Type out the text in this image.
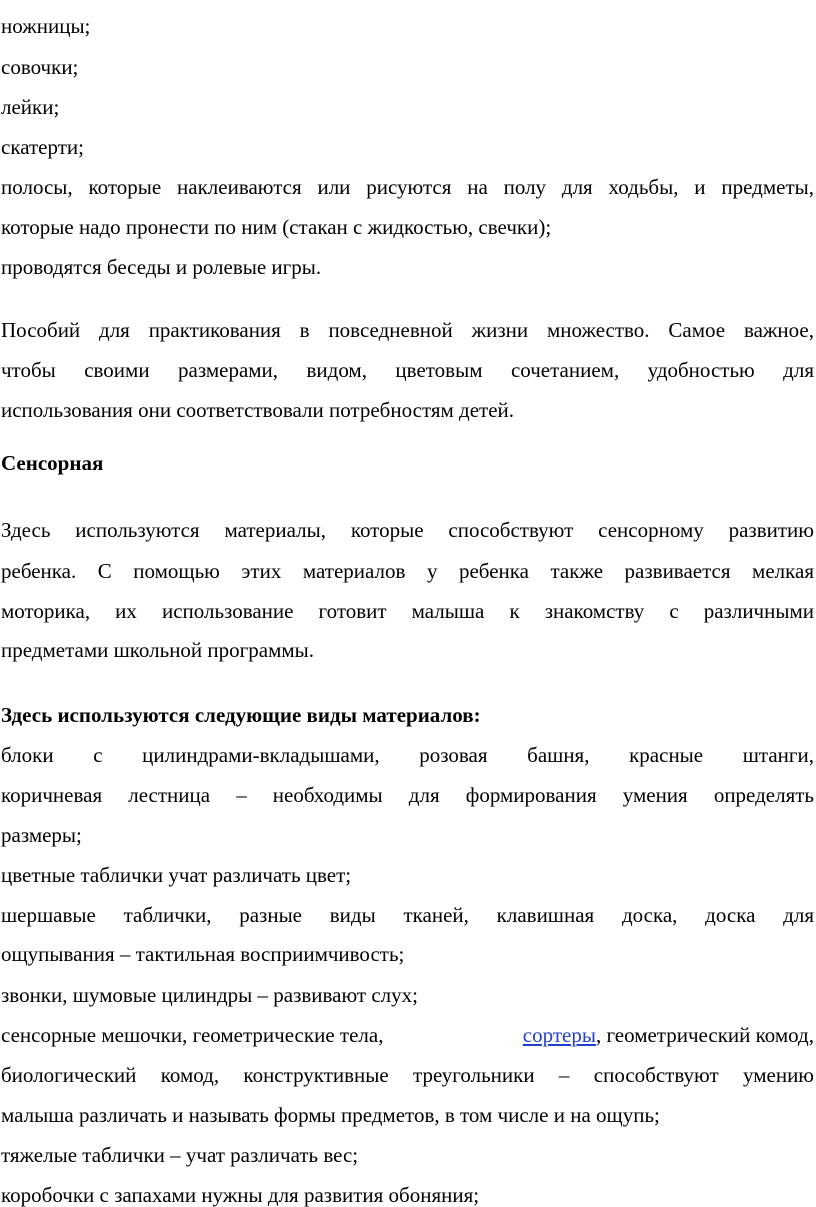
ножницы;
совочки;
лейки;
скатерти;
полосы, которые наклеиваются или рисуются на полу для ходьбы, и предметы,
которые надо пронести по ним (стакан с жидкостью, свечки);
проводятся беседы и ролевые игры.
Пособий для практикования в повседневной жизни множество. Самое важное,
чтобы своими размерами, видом, цветовым сочетанием, удобностью для
использования они соответствовали потребностям детей.
Сенсорная
Здесь используются материалы, которые способствуют сенсорному развитию
ребенка. С помощью этих материалов у ребенка также развивается мелкая
моторика, их использование готовит малыша к знакомству с различными
предметами школьной программы.
Здесь используются следующие виды материалов:
блоки с цилиндрами-вкладышами, розовая башня, красные штанги,
коричневая лестница – необходимы для формирования умения определять
размеры;
цветные таблички учат различать цвет;
шершавые таблички, разные виды тканей, клавишная доска, доска для
ощупывания – тактильная восприимчивость;
звонки, шумовые цилиндры – развивают слух;
сенсорные мешочки, геометрические тела,	сортеры, геометрический комод,
биологический комод, конструктивные треугольники – способствуют умению
малыша различать и называть формы предметов, в том числе и на ощупь;
тяжелые таблички – учат различать вес;
коробочки с запахами нужны для развития обоняния;
